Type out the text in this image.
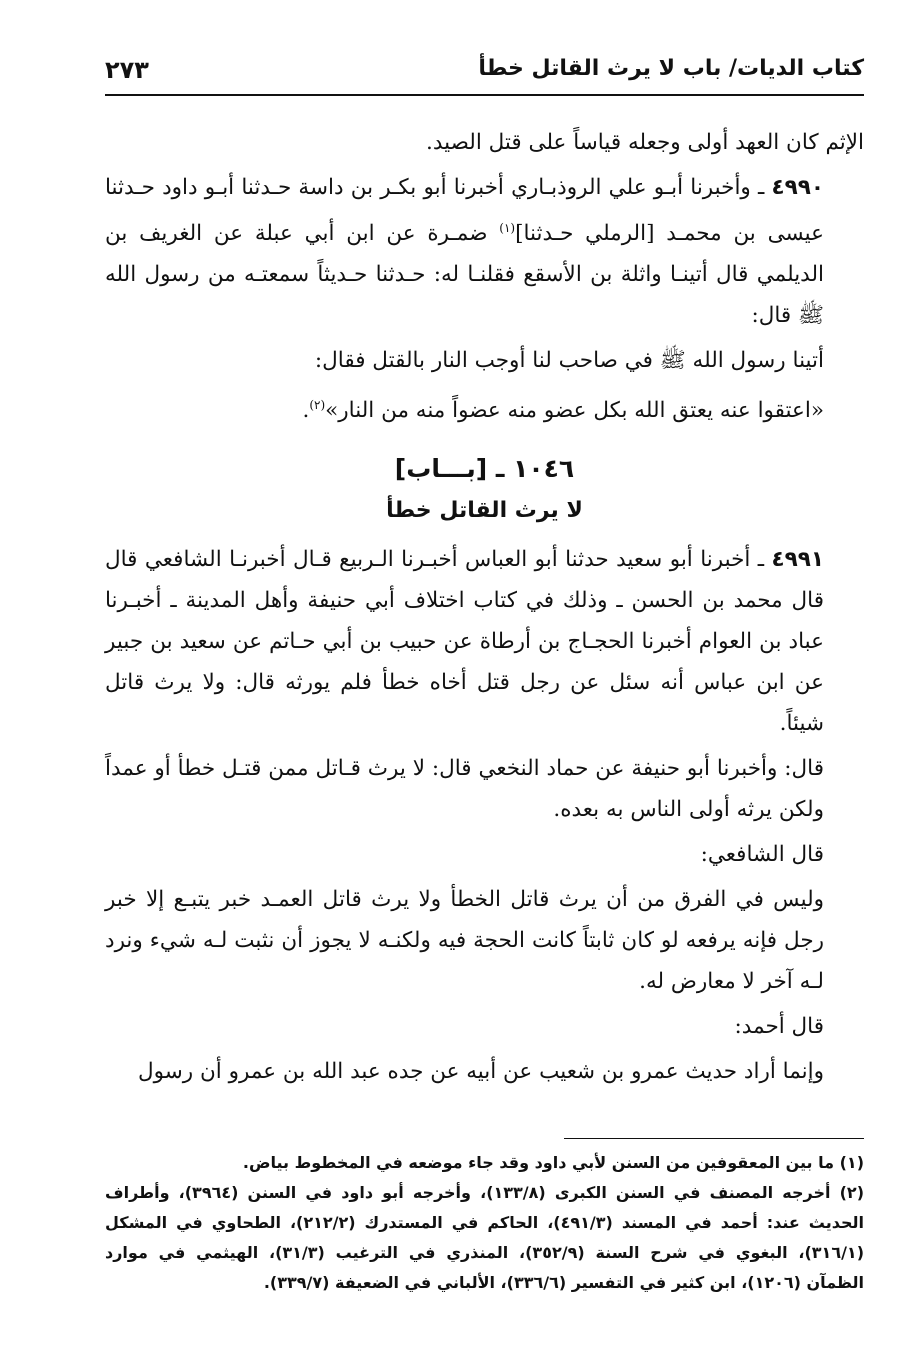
كتاب الديات/ باب لا يرث القاتل خطأ
٢٧٣

الإثم كان العهد أولى وجعله قياساً على قتل الصيد.

٤٩٩٠ ـ وأخبرنا أبـو علي الروذبـاري أخبرنا أبو بكـر بن داسة حـدثنا أبـو داود حـدثنا عيسى بن محمـد [الرملي حـدثنا]$^{(١)}$ ضمـرة عن ابن أبي عبلة عن الغريف بن الديلمي قال أتينـا واثلة بن الأسقع فقلنـا له: حـدثنا حـديثاً سمعتـه من رسول الله ﷺ قال:

أتينا رسول الله ﷺ في صاحب لنا أوجب النار بالقتل فقال:

«اعتقوا عنه يعتق الله بكل عضو منه عضواً منه من النار»$^{(٢)}$.

١٠٤٦ ـ [بـــاب]
لا يرث القاتل خطأ

٤٩٩١ ـ أخبرنا أبو سعيد حدثنا أبو العباس أخبـرنا الـربيع قـال أخبرنـا الشافعي قال قال محمد بن الحسن ـ وذلك في كتاب اختلاف أبي حنيفة وأهل المدينة ـ أخبـرنا عباد بن العوام أخبرنا الحجـاج بن أرطاة عن حبيب بن أبي حـاتم عن سعيد بن جبير عن ابن عباس أنه سئل عن رجل قتل أخاه خطأ فلم يورثه قال: ولا يرث قاتل شيئاً.

قال: وأخبرنا أبو حنيفة عن حماد النخعي قال: لا يرث قـاتل ممن قتـل خطأ أو عمداً ولكن يرثه أولى الناس به بعده.

قال الشافعي:

وليس في الفرق من أن يرث قاتل الخطأ ولا يرث قاتل العمـد خبر يتبـع إلا خبر رجل فإنه يرفعه لو كان ثابتاً كانت الحجة فيه ولكنـه لا يجوز أن نثبت لـه شيء ونرد لـه آخر لا معارض له.

قال أحمد:

وإنما أراد حديث عمرو بن شعيب عن أبيه عن جده عبد الله بن عمرو أن رسول

(١) ما بين المعقوفين من السنن لأبي داود وقد جاء موضعه في المخطوط بياض.

(٢) أخرجه المصنف في السنن الكبرى (١٣٣/٨)، وأخرجه أبو داود في السنن (٣٩٦٤)، وأطراف الحديث عند: أحمد في المسند (٤٩١/٣)، الحاكم في المستدرك (٢١٢/٢)، الطحاوي في المشكل (٣١٦/١)، البغوي في شرح السنة (٣٥٢/٩)، المنذري في الترغيب (٣١/٣)، الهيثمي في موارد الظمآن (١٢٠٦)، ابن كثير في التفسير (٣٣٦/٦)، الألباني في الضعيفة (٣٣٩/٧).
